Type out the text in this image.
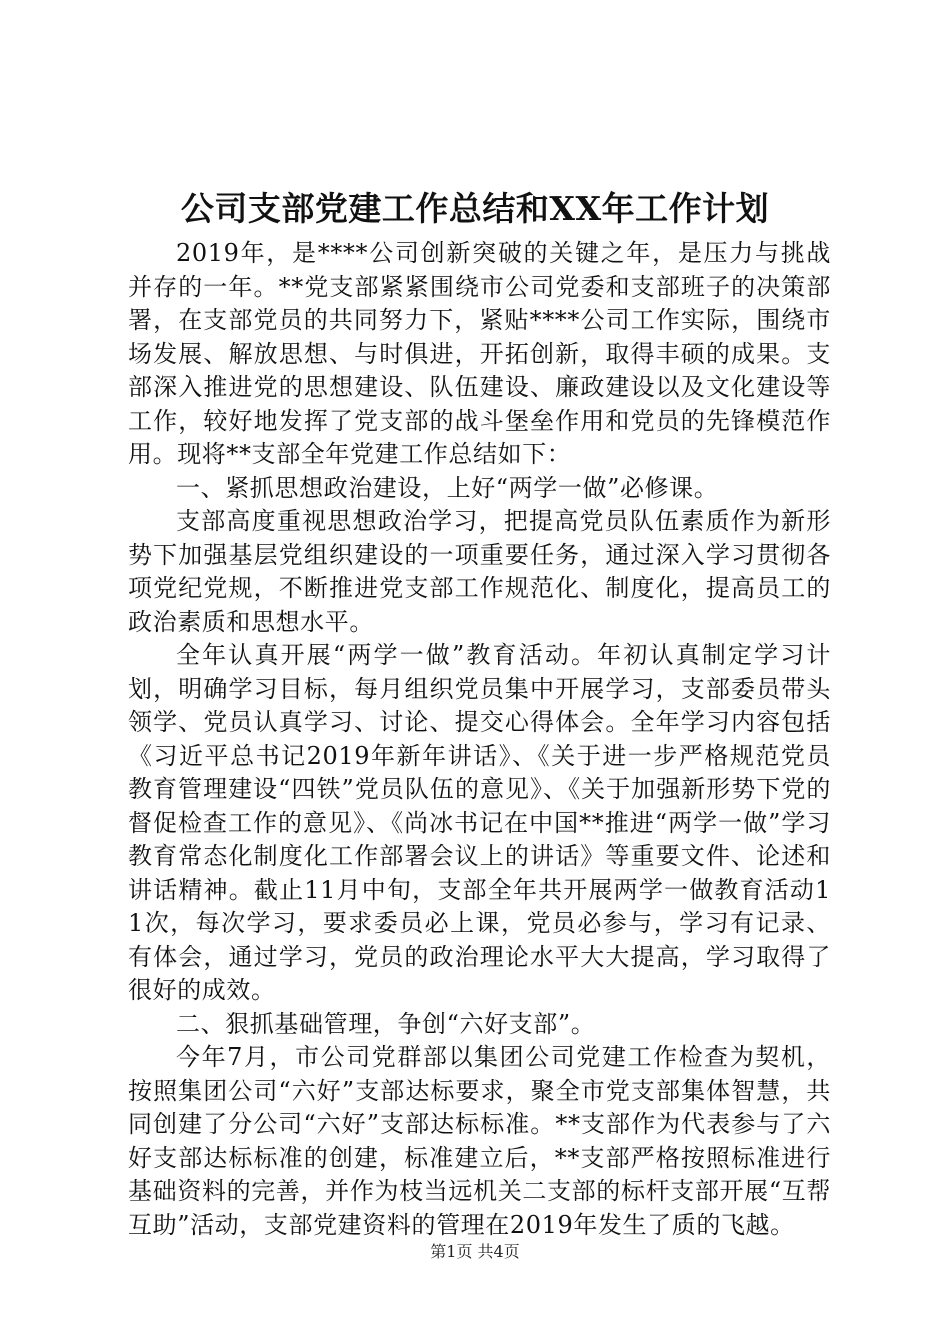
公司支部党建工作总结和XX年工作计划

2019年，是****公司创新突破的关键之年，是压力与挑战并存的一年。**党支部紧紧围绕市公司党委和支部班子的决策部署，在支部党员的共同努力下，紧贴****公司工作实际，围绕市场发展、解放思想、与时俱进，开拓创新，取得丰硕的成果。支部深入推进党的思想建设、队伍建设、廉政建设以及文化建设等工作，较好地发挥了党支部的战斗堡垒作用和党员的先锋模范作用。现将**支部全年党建工作总结如下：

一、紧抓思想政治建设，上好“两学一做”必修课。

支部高度重视思想政治学习，把提高党员队伍素质作为新形势下加强基层党组织建设的一项重要任务，通过深入学习贯彻各项党纪党规，不断推进党支部工作规范化、制度化，提高员工的政治素质和思想水平。

全年认真开展“两学一做”教育活动。年初认真制定学习计划，明确学习目标，每月组织党员集中开展学习，支部委员带头领学、党员认真学习、讨论、提交心得体会。全年学习内容包括《习近平总书记2019年新年讲话》、《关于进一步严格规范党员教育管理建设“四铁”党员队伍的意见》、《关于加强新形势下党的督促检查工作的意见》、《尚冰书记在中国**推进“两学一做”学习教育常态化制度化工作部署会议上的讲话》等重要文件、论述和讲话精神。截止11月中旬，支部全年共开展两学一做教育活动11次，每次学习，要求委员必上课，党员必参与，学习有记录、有体会，通过学习，党员的政治理论水平大大提高，学习取得了很好的成效。

二、狠抓基础管理，争创“六好支部”。

今年7月，市公司党群部以集团公司党建工作检查为契机，按照集团公司“六好”支部达标要求，聚全市党支部集体智慧，共同创建了分公司“六好”支部达标标准。**支部作为代表参与了六好支部达标标准的创建，标准建立后，**支部严格按照标准进行基础资料的完善，并作为枝当远机关二支部的标杆支部开展“互帮互助”活动，支部党建资料的管理在2019年发生了质的飞越。

第1页 共4页
